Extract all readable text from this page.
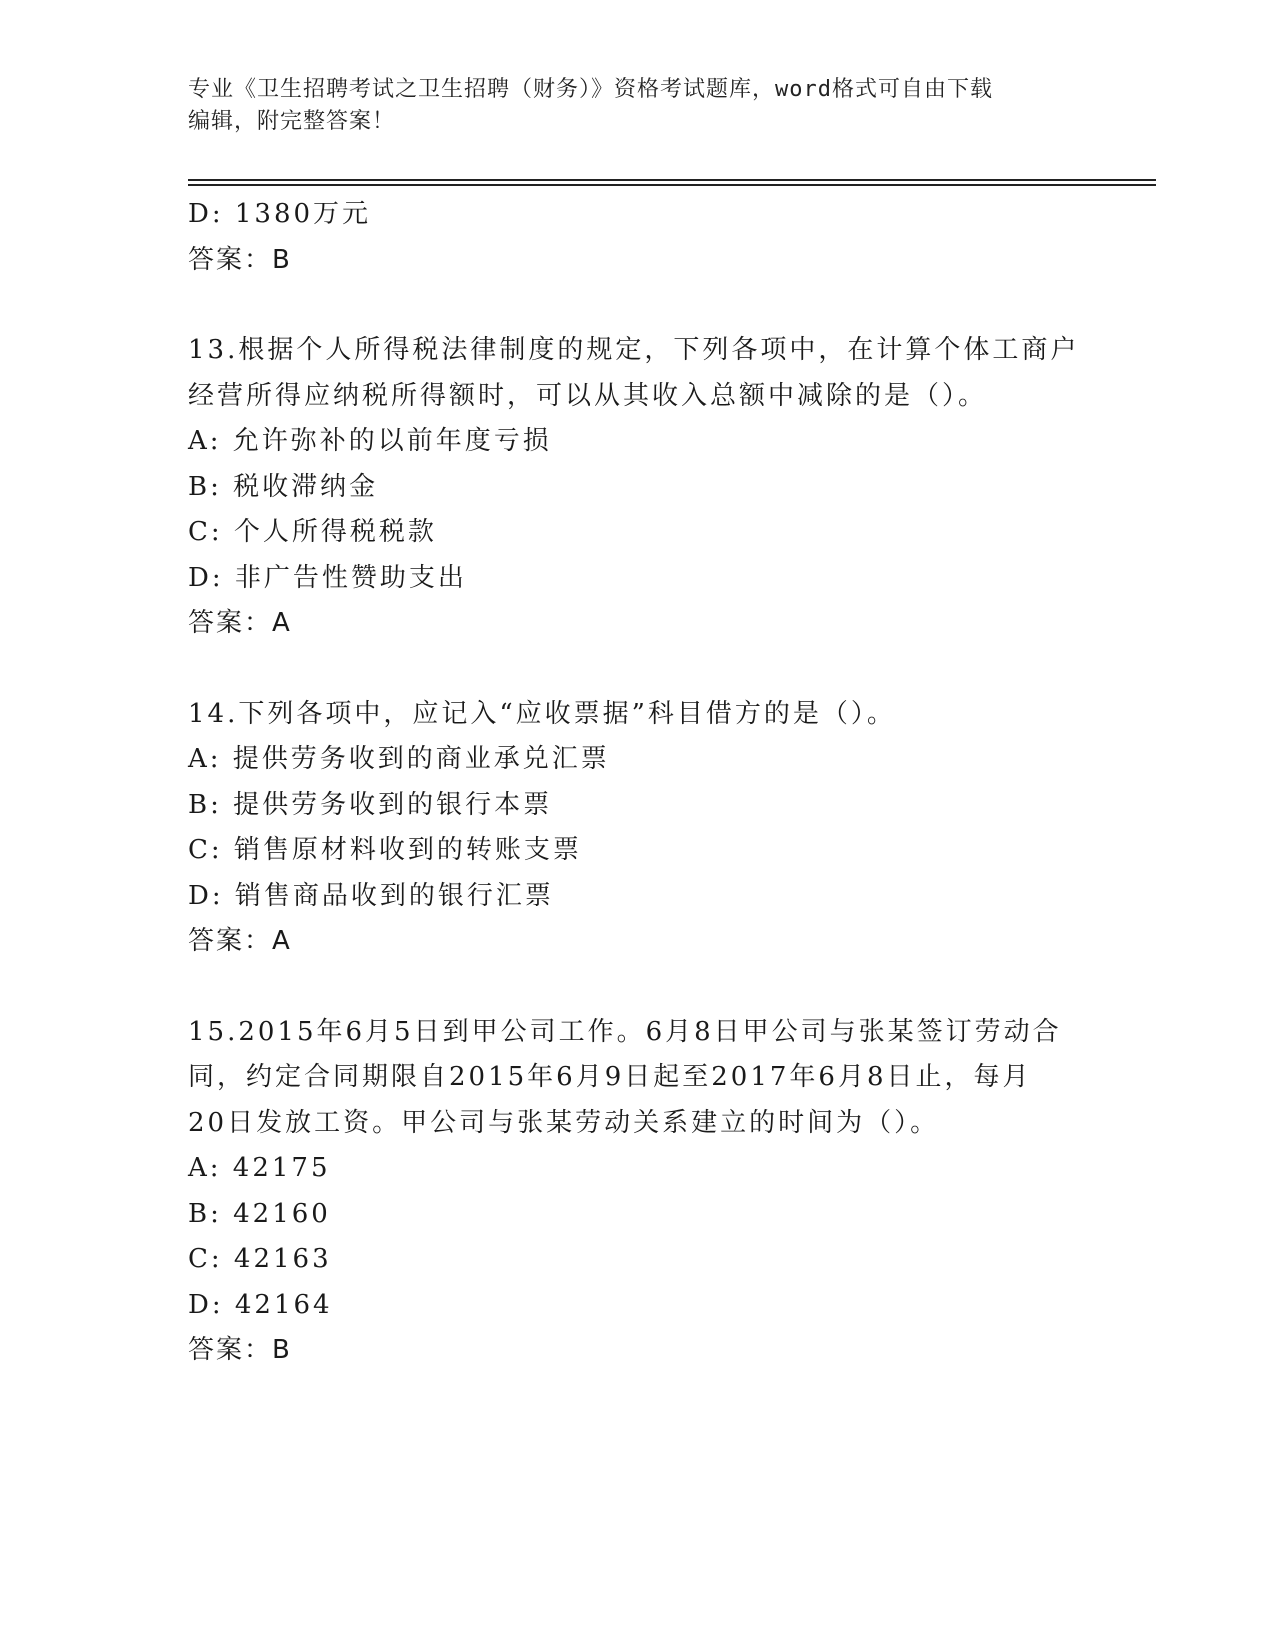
专业《卫生招聘考试之卫生招聘（财务）》资格考试题库，word格式可自由下载
编辑，附完整答案！
D: 1380万元
答案：B
13.根据个人所得税法律制度的规定，下列各项中，在计算个体工商户
经营所得应纳税所得额时，可以从其收入总额中减除的是（）。
A: 允许弥补的以前年度亏损
B: 税收滞纳金
C: 个人所得税税款
D: 非广告性赞助支出
答案：A
14.下列各项中，应记入“应收票据”科目借方的是（）。
A: 提供劳务收到的商业承兑汇票
B: 提供劳务收到的银行本票
C: 销售原材料收到的转账支票
D: 销售商品收到的银行汇票
答案：A
15.2015年6月5日到甲公司工作。6月8日甲公司与张某签订劳动合
同，约定合同期限自2015年6月9日起至2017年6月8日止，每月
20日发放工资。甲公司与张某劳动关系建立的时间为（）。
A: 42175
B: 42160
C: 42163
D: 42164
答案：B
